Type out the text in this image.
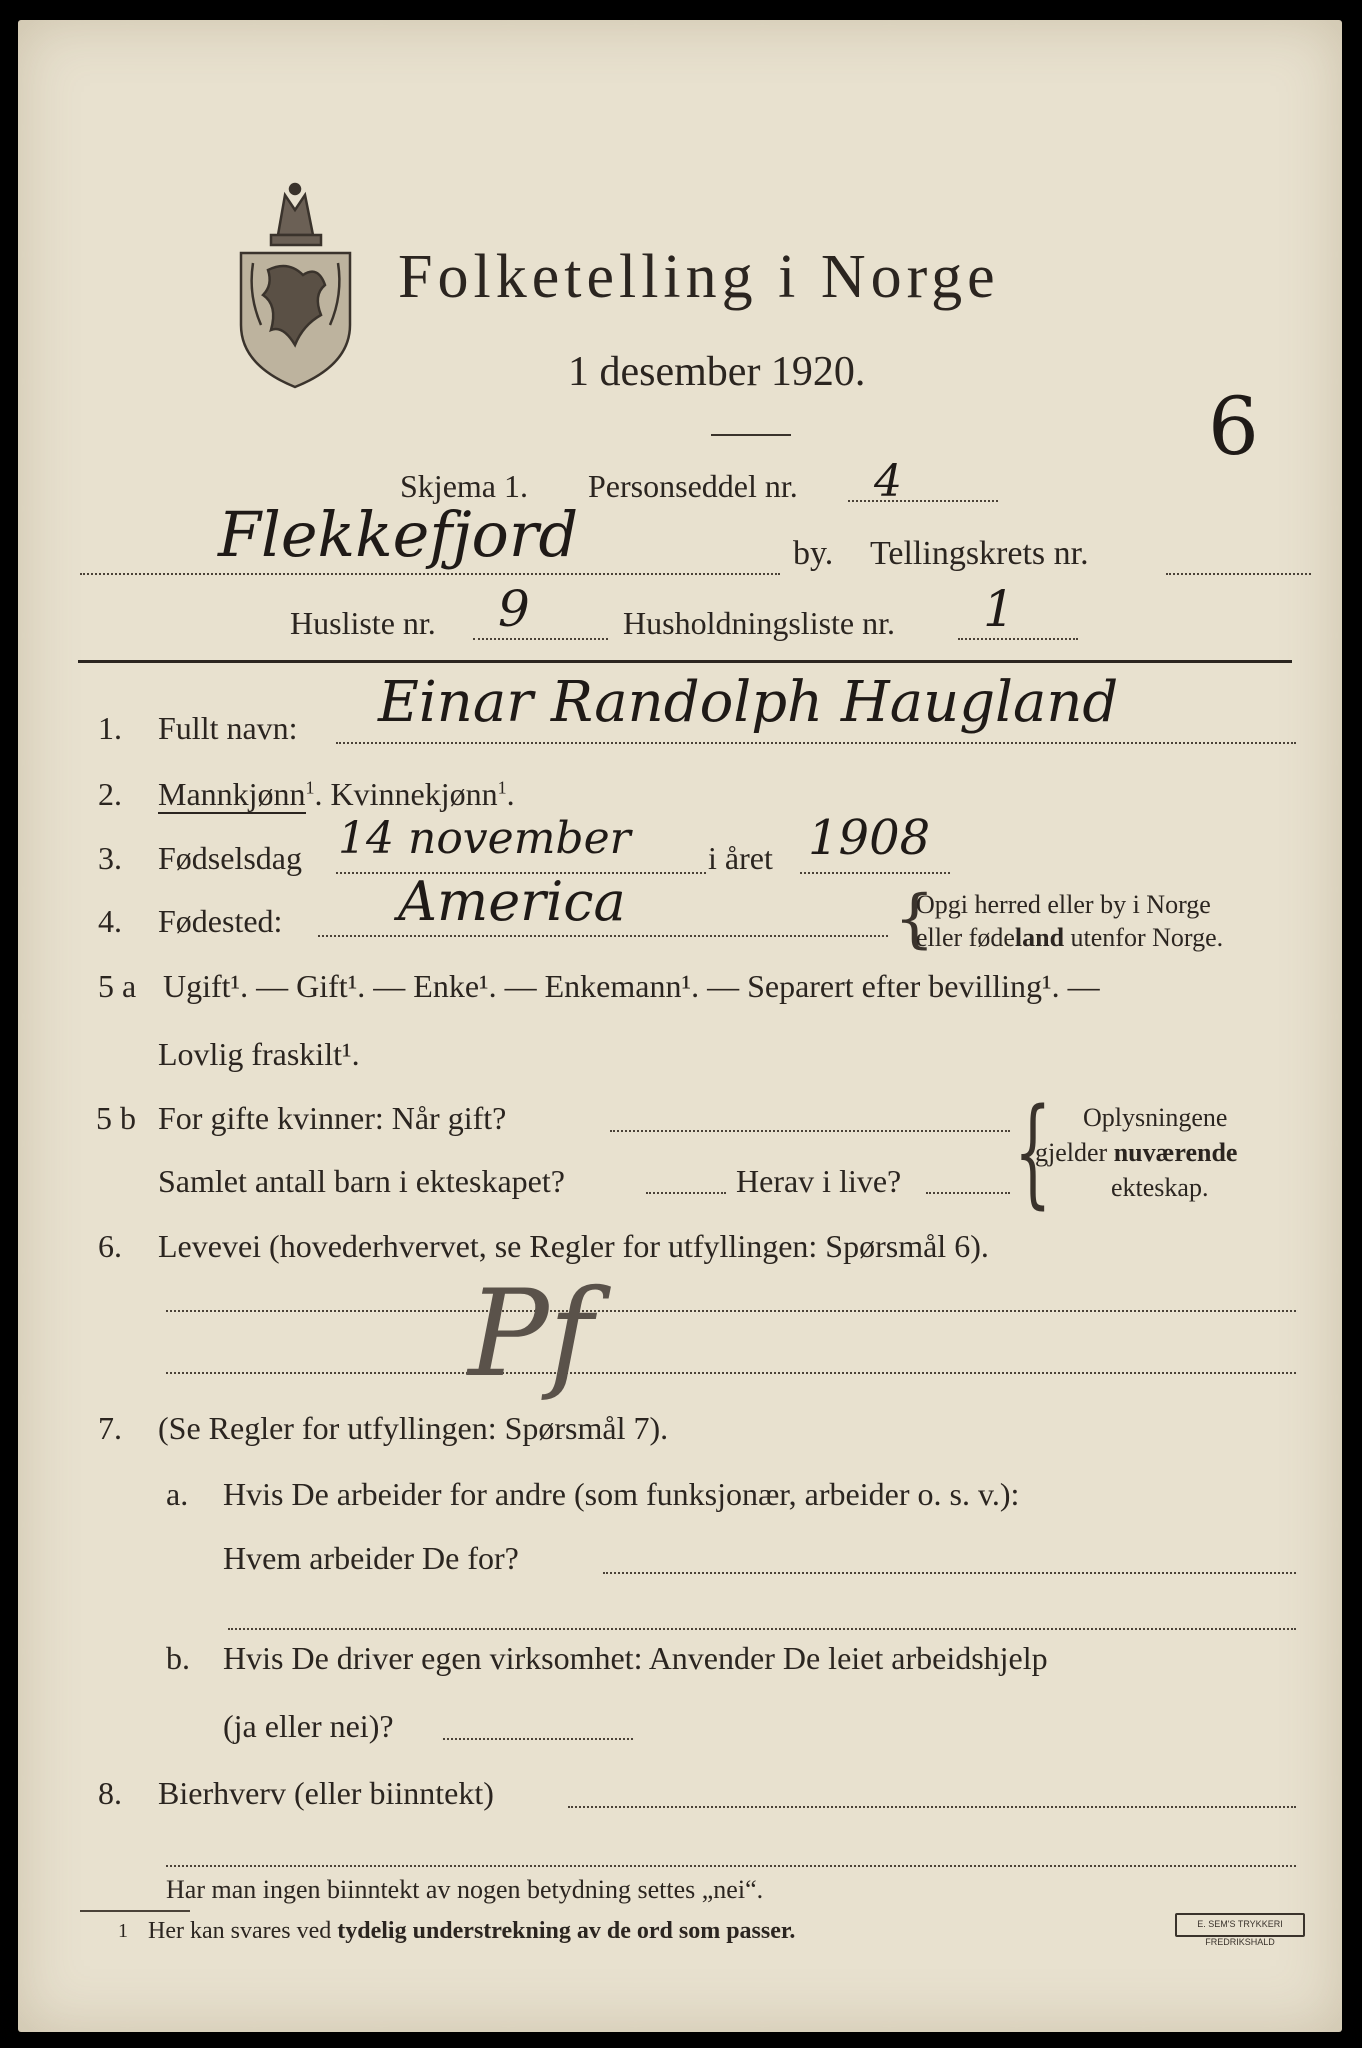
Folketelling i Norge
1 desember 1920.
Skjema 1. Personseddel nr. 4
6
Flekkefjord	by. Tellingskrets nr.
Husliste nr. 9	Husholdningsliste nr. 1
1. Fullt navn: Einar Randolph Haugland
2. Mannkjønn$^1$. Kvinnekjønn$^1$.
3. Fødselsdag 14 november i året 1908
4. Fødested: America	{
Opgi herred eller by i Norge
eller fødeland utenfor Norge.
5 a Ugift¹. — Gift¹. — Enke¹. — Enkemann¹. — Separert efter bevilling¹. —
Lovlig fraskilt¹.
5 b For gifte kvinner: Når gift?
Samlet antall barn i ekteskapet?	Herav i live? { Oplysningene
gjelder nuværende
ekteskap.
6. Levevei (hovederhvervet, se Regler for utfyllingen: Spørsmål 6).
Pf
7. (Se Regler for utfyllingen: Spørsmål 7).
a. Hvis De arbeider for andre (som funksjonær, arbeider o. s. v.):
Hvem arbeider De for?
b. Hvis De driver egen virksomhet: Anvender De leiet arbeidshjelp
(ja eller nei)?
8. Bierhverv (eller biinntekt)
Har man ingen biinntekt av nogen betydning settes „nei“.
1 Her kan svares ved tydelig understrekning av de ord som passer.	E. SEM'S TRYKKERI FREDRIKSHALD
